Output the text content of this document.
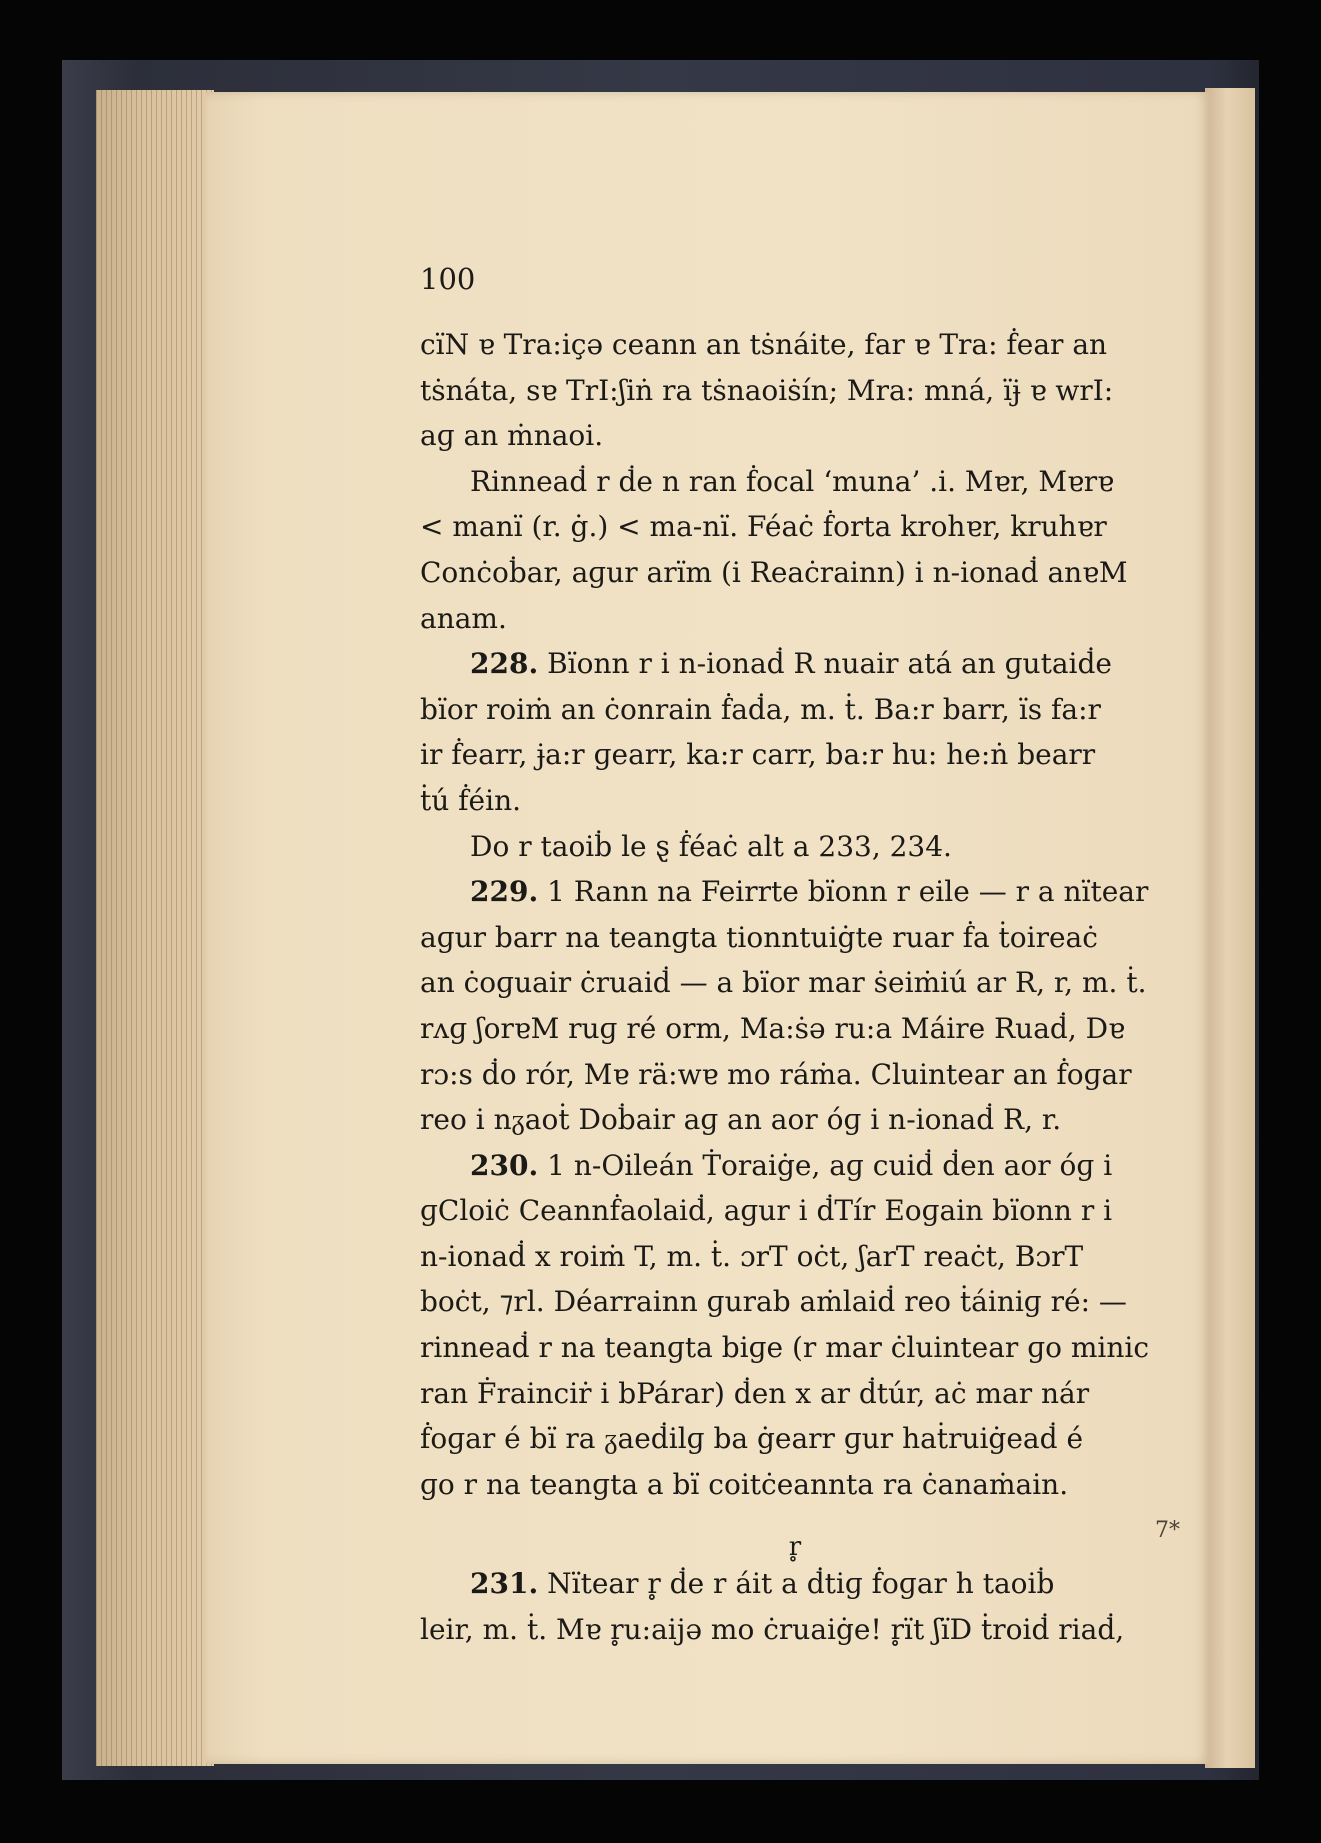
100

cïN ɐ Tra:içə ceann an tṡnáite, far ɐ Tra: ḟear an
tṡnáta, sɐ TrI:ʃiṅ ra tṡnaoiṡín; Mra: mná, ïɉ ɐ wrI:
aɡ an ṁnaoi.

Rinneaḋ r ḋe n ran ḟocal ‘muna’ .i. Mɐr, Mɐrɐ
< manï (r. ġ.) < ma-nï. Féaċ ḟorta krohɐr, kruhɐr
Conċoḃar, aɡur arïm (i Reaċrainn) i n-ionaḋ anɐM
anam.

228. Bïonn r i n-ionaḋ R nuair atá an ɡutaiḋe
bïor roiṁ an ċonrain ḟaḋa, m. ṫ. Ba:r barr, ïs fa:r
ir ḟearr, ɉa:r ɡearr, ka:r carr, ba:r hu: he:ṅ bearr
ṫú ḟéin.
Do r taoiḃ le ȿ ḟéaċ alt a 233, 234.

229. 1 Rann na Feirrte bïonn r eile — r a nïtear
aɡur barr na teanɡta tionntuiġte ruar ḟa ṫoireaċ
an ċoɡuair ċruaiḋ — a bïor mar ṡeiṁiú ar R, r, m. ṫ.
rʌɡ ʃorɐM ruɡ ré orm, Ma:ṡə ru:a Máire Ruaḋ, Dɐ
rɔ:s ḋo rór, Mɐ rä:wɐ mo ráṁa. Cluintear an ḟoɡar
reo i nᵹaoṫ Doḃair aɡ an aor óɡ i n-ionaḋ R, r.

230. 1 n-Oileán Ṫoraiġe, aɡ cuiḋ ḋen aor óɡ i
ɡCloiċ Ceannḟaolaiḋ, aɡur i ḋTír Eoɡain bïonn r i
n-ionaḋ x roiṁ T, m. ṫ. ɔrT oċt, ʃarT reaċt, BɔrT
boċt, ⁊rl. Déarrainn ɡurab aṁlaiḋ reo ṫáiniɡ ré: —
rinneaḋ r na teanɡta biɡe (r mar ċluintear ɡo minic
ran Ḟrainciṙ i bPárar) ḋen x ar ḋtúr, aċ mar nár
ḟoɡar é bï ra ᵹaeḋilɡ ba ġearr ɡur haṫruiġeaḋ é
ɡo r na teanɡta a bï coitċeannta ra ċanaṁain.

r̥

231. Nïtear r̥ ḋe r áit a ḋtiɡ ḟoɡar h taoiḃ
leir, m. ṫ. Mɐ r̥u:aijə mo ċruaiġe! r̥ït ʃïD ṫroiḋ riaḋ,

7*
